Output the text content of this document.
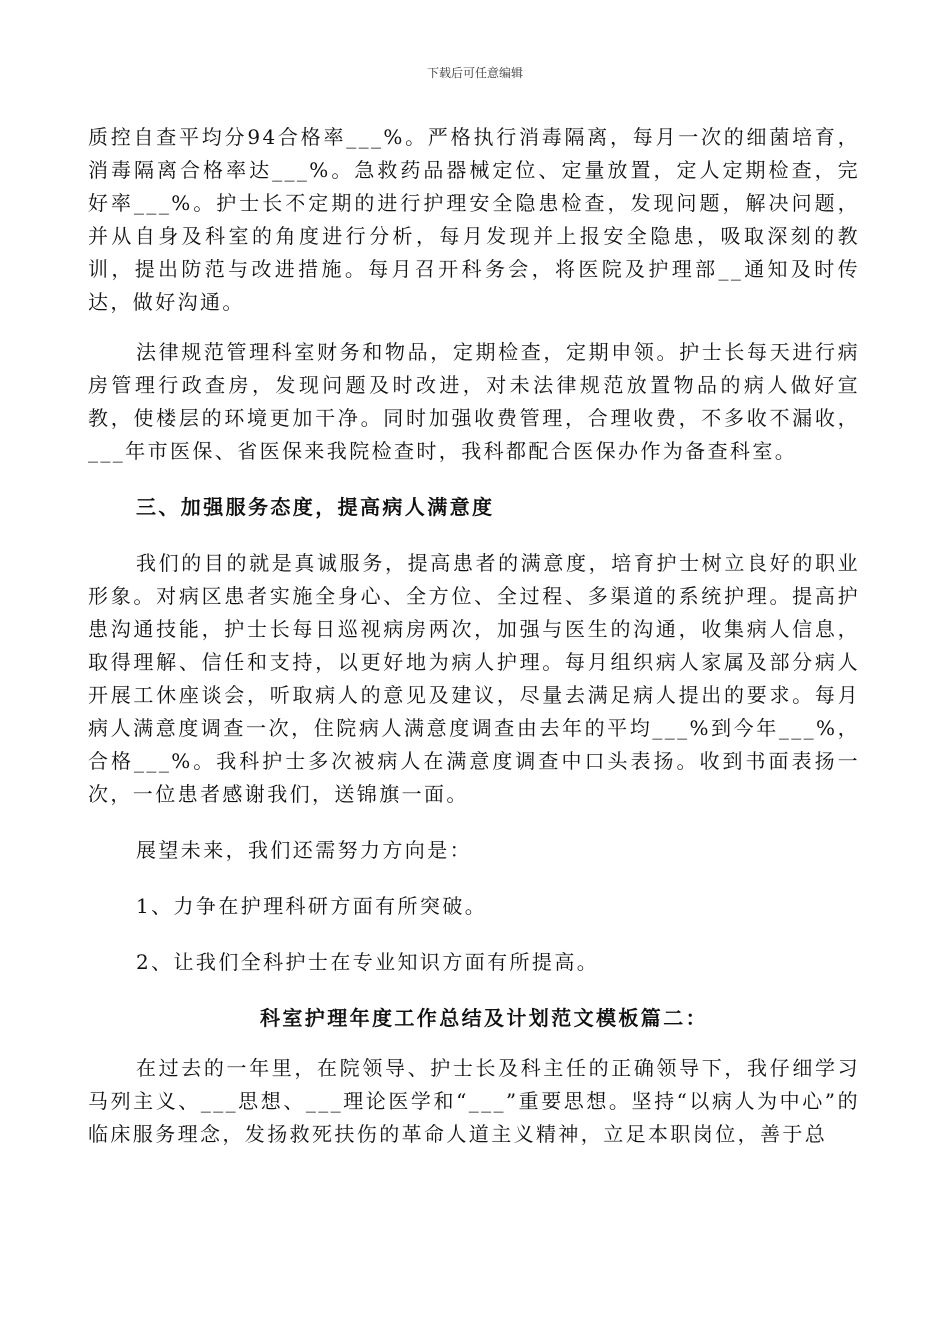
下载后可任意编辑

质控自查平均分94合格率___%。严格执行消毒隔离，每月一次的细菌培育，消毒隔离合格率达___%。急救药品器械定位、定量放置，定人定期检查，完好率___%。护士长不定期的进行护理安全隐患检查，发现问题，解决问题，并从自身及科室的角度进行分析，每月发现并上报安全隐患，吸取深刻的教训，提出防范与改进措施。每月召开科务会，将医院及护理部__通知及时传达，做好沟通。

法律规范管理科室财务和物品，定期检查，定期申领。护士长每天进行病房管理行政查房，发现问题及时改进，对未法律规范放置物品的病人做好宣教，使楼层的环境更加干净。同时加强收费管理，合理收费，不多收不漏收，___年市医保、省医保来我院检查时，我科都配合医保办作为备查科室。

三、加强服务态度，提高病人满意度

我们的目的就是真诚服务，提高患者的满意度，培育护士树立良好的职业形象。对病区患者实施全身心、全方位、全过程、多渠道的系统护理。提高护患沟通技能，护士长每日巡视病房两次，加强与医生的沟通，收集病人信息，取得理解、信任和支持，以更好地为病人护理。每月组织病人家属及部分病人开展工休座谈会，听取病人的意见及建议，尽量去满足病人提出的要求。每月病人满意度调查一次，住院病人满意度调查由去年的平均___%到今年___%，合格___%。我科护士多次被病人在满意度调查中口头表扬。收到书面表扬一次，一位患者感谢我们，送锦旗一面。

展望未来，我们还需努力方向是：

1、力争在护理科研方面有所突破。

2、让我们全科护士在专业知识方面有所提高。

科室护理年度工作总结及计划范文模板篇二：

在过去的一年里，在院领导、护士长及科主任的正确领导下，我仔细学习马列主义、___思想、___理论医学和“___”重要思想。坚持“以病人为中心”的临床服务理念，发扬救死扶伤的革命人道主义精神，立足本职岗位，善于总
